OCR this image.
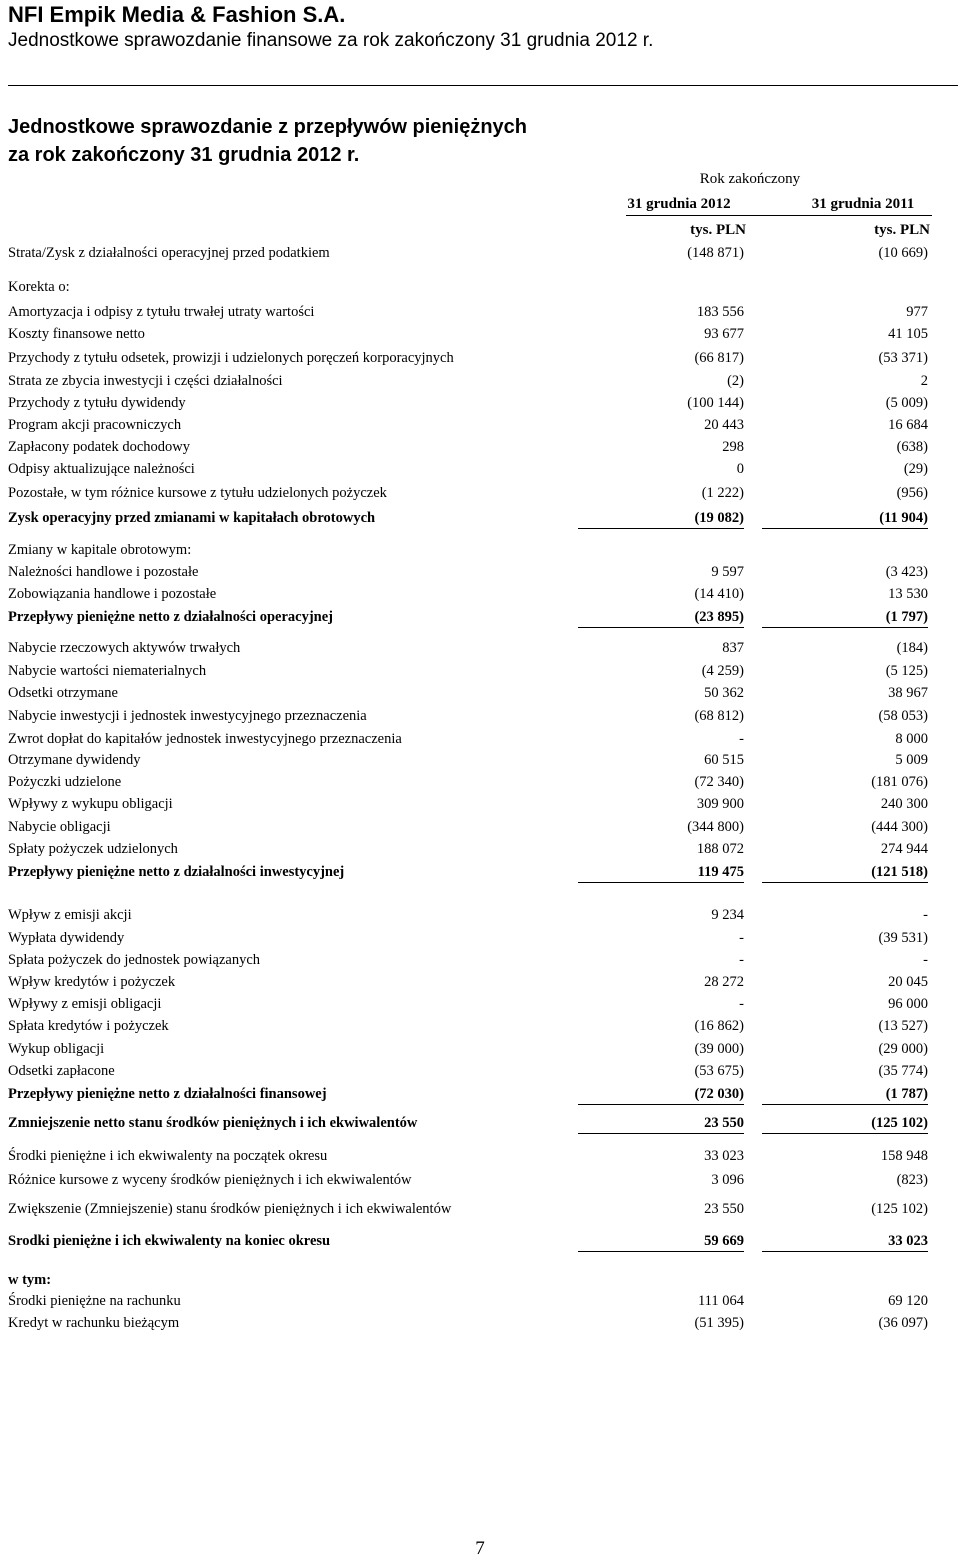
NFI Empik Media & Fashion S.A.
Jednostkowe sprawozdanie finansowe za rok zakończony 31 grudnia 2012 r.
Jednostkowe sprawozdanie z przepływów pieniężnych
za rok zakończony 31 grudnia 2012 r.
Rok zakończony
31 grudnia 2012	31 grudnia 2011
tys. PLN	tys. PLN
Strata/Zysk z działalności operacyjnej przed podatkiem	(148 871)	(10 669)
Korekta o:
Amortyzacja i odpisy z tytułu trwałej utraty wartości	183 556	977
Koszty finansowe netto	93 677	41 105
Przychody z tytułu odsetek, prowizji i udzielonych poręczeń korporacyjnych	(66 817)	(53 371)
Strata ze zbycia inwestycji i części działalności	(2)	2
Przychody z tytułu dywidendy	(100 144)	(5 009)
Program akcji pracowniczych	20 443	16 684
Zapłacony podatek dochodowy	298	(638)
Odpisy aktualizujące należności	0	(29)
Pozostałe, w tym różnice kursowe z tytułu udzielonych pożyczek	(1 222)	(956)
Zysk operacyjny przed zmianami w kapitałach obrotowych	(19 082)	(11 904)
Zmiany w kapitale obrotowym:
Należności handlowe i pozostałe	9 597	(3 423)
Zobowiązania handlowe i pozostałe	(14 410)	13 530
Przepływy pieniężne netto z działalności operacyjnej	(23 895)	(1 797)
Nabycie rzeczowych aktywów trwałych	837	(184)
Nabycie wartości niematerialnych	(4 259)	(5 125)
Odsetki otrzymane	50 362	38 967
Nabycie inwestycji i jednostek inwestycyjnego przeznaczenia	(68 812)	(58 053)
Zwrot dopłat do kapitałów jednostek inwestycyjnego przeznaczenia	-	8 000
Otrzymane dywidendy	60 515	5 009
Pożyczki udzielone	(72 340)	(181 076)
Wpływy z wykupu obligacji	309 900	240 300
Nabycie obligacji	(344 800)	(444 300)
Spłaty pożyczek udzielonych	188 072	274 944
Przepływy pieniężne netto z działalności inwestycyjnej	119 475	(121 518)
Wpływ z emisji akcji	9 234	-
Wypłata dywidendy	-	(39 531)
Spłata pożyczek do jednostek powiązanych	-	-
Wpływ kredytów i pożyczek	28 272	20 045
Wpływy z emisji obligacji	-	96 000
Spłata kredytów i pożyczek	(16 862)	(13 527)
Wykup obligacji	(39 000)	(29 000)
Odsetki zapłacone	(53 675)	(35 774)
Przepływy pieniężne netto z działalności finansowej	(72 030)	(1 787)
Zmniejszenie netto stanu środków pieniężnych i ich ekwiwalentów	23 550	(125 102)
Środki pieniężne i ich ekwiwalenty na początek okresu	33 023	158 948
Różnice kursowe z wyceny środków pieniężnych i ich ekwiwalentów	3 096	(823)
Zwiększenie (Zmniejszenie) stanu środków pieniężnych i ich ekwiwalentów	23 550	(125 102)
Srodki pieniężne i ich ekwiwalenty na koniec okresu	59 669	33 023
w tym:
Środki pieniężne na rachunku	111 064	69 120
Kredyt w rachunku bieżącym	(51 395)	(36 097)
7
